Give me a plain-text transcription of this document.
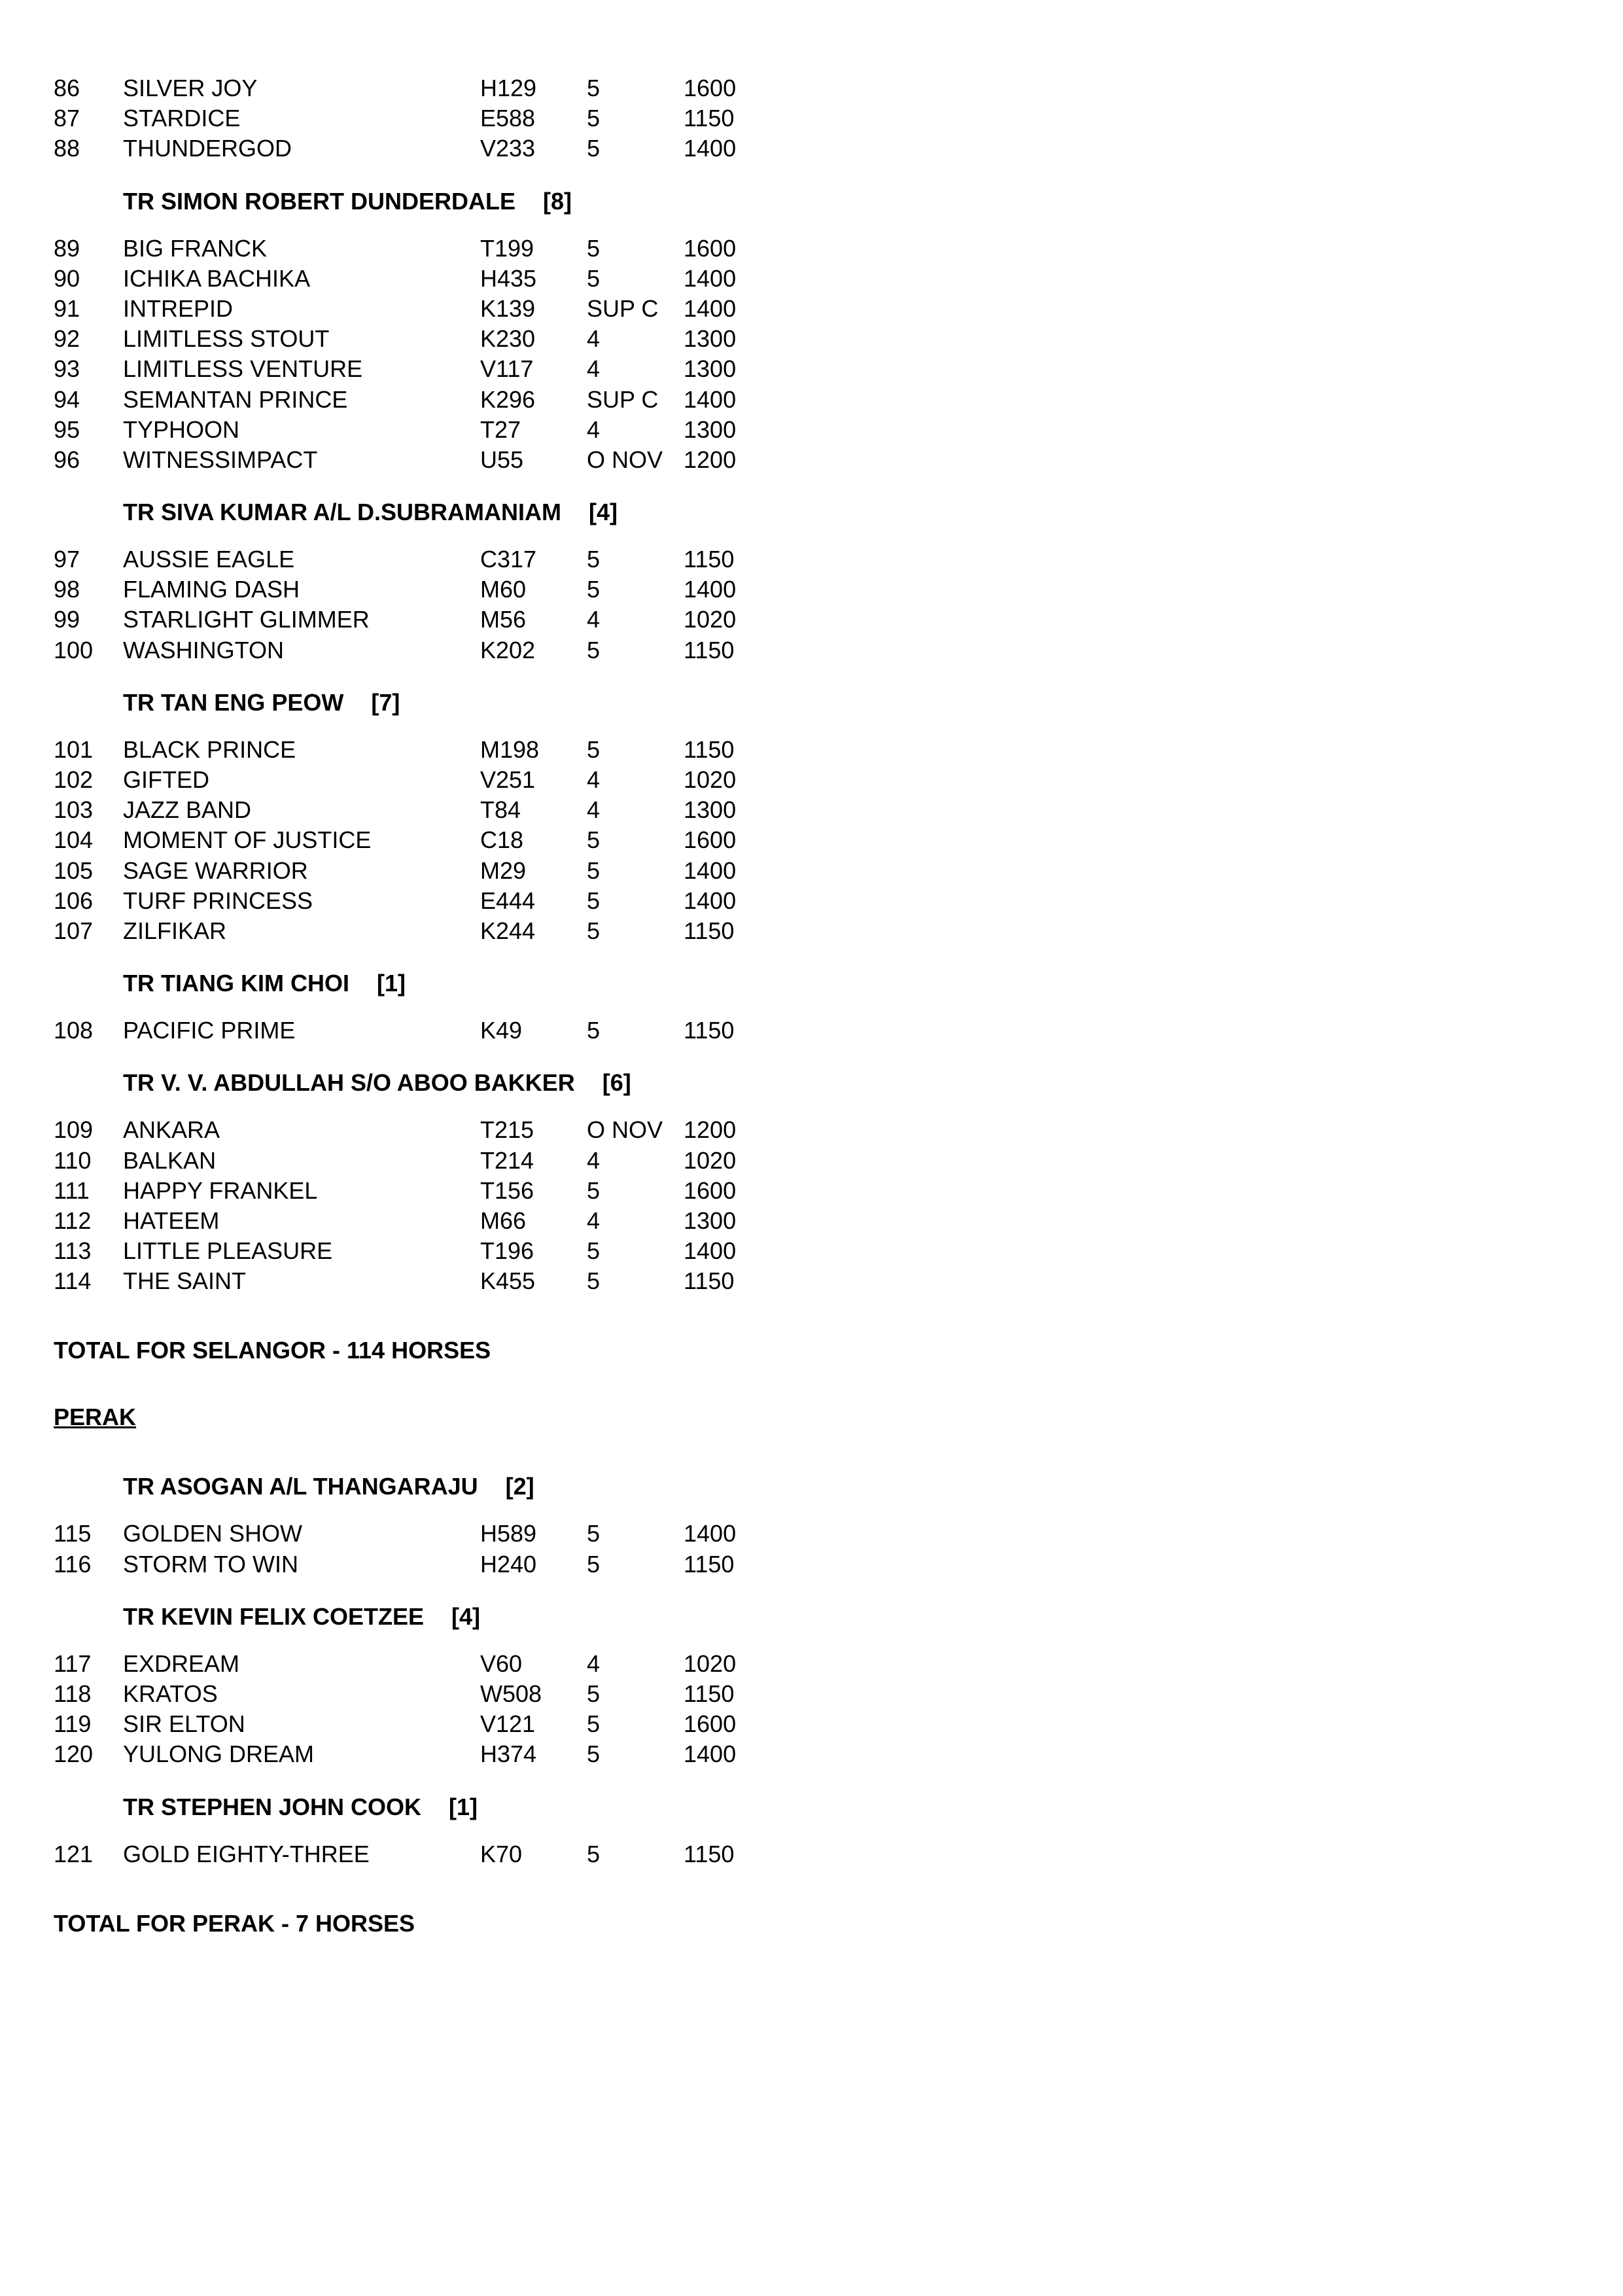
86 SILVER JOY	H129 5	1600
87 STARDICE	E588 5	1150
88 THUNDERGOD	V233 5	1400
TR SIMON ROBERT DUNDERDALE [8]
89 BIG FRANCK	T199 5	1600
90 ICHIKA BACHIKA	H435 5	1400
91 INTREPID	K139 SUP C 1400
92 LIMITLESS STOUT	K230 4	1300
93 LIMITLESS VENTURE	V117 4	1300
94 SEMANTAN PRINCE	K296 SUP C 1400
95 TYPHOON	T27	4	1300
96 WITNESSIMPACT	U55	O NOV 1200
TR SIVA KUMAR A/L D.SUBRAMANIAM [4]
97 AUSSIE EAGLE	C317 5	1150
98 FLAMING DASH	M60	5	1400
99 STARLIGHT GLIMMER	M56	4	1020
100 WASHINGTON	K202 5	1150
TR TAN ENG PEOW [7]
101 BLACK PRINCE	M198 5	1150
102 GIFTED	V251 4	1020
103 JAZZ BAND	T84	4	1300
104 MOMENT OF JUSTICE	C18	5	1600
105 SAGE WARRIOR	M29	5	1400
106 TURF PRINCESS	E444 5	1400
107 ZILFIKAR	K244 5	1150
TR TIANG KIM CHOI [1]
108 PACIFIC PRIME	K49	5	1150
TR V. V. ABDULLAH S/O ABOO BAKKER [6]
109 ANKARA	T215 O NOV 1200
110 BALKAN	T214 4	1020
111 HAPPY FRANKEL	T156 5	1600
112 HATEEM	M66	4	1300
113 LITTLE PLEASURE	T196 5	1400
114 THE SAINT	K455 5	1150
TOTAL FOR SELANGOR - 114 HORSES
PERAK
TR ASOGAN A/L THANGARAJU [2]
115 GOLDEN SHOW	H589 5	1400
116 STORM TO WIN	H240 5	1150
TR KEVIN FELIX COETZEE [4]
117 EXDREAM	V60	4	1020
118 KRATOS	W508 5	1150
119 SIR ELTON	V121 5	1600
120 YULONG DREAM	H374 5	1400
TR STEPHEN JOHN COOK [1]
121 GOLD EIGHTY-THREE	K70	5	1150
TOTAL FOR PERAK - 7 HORSES
